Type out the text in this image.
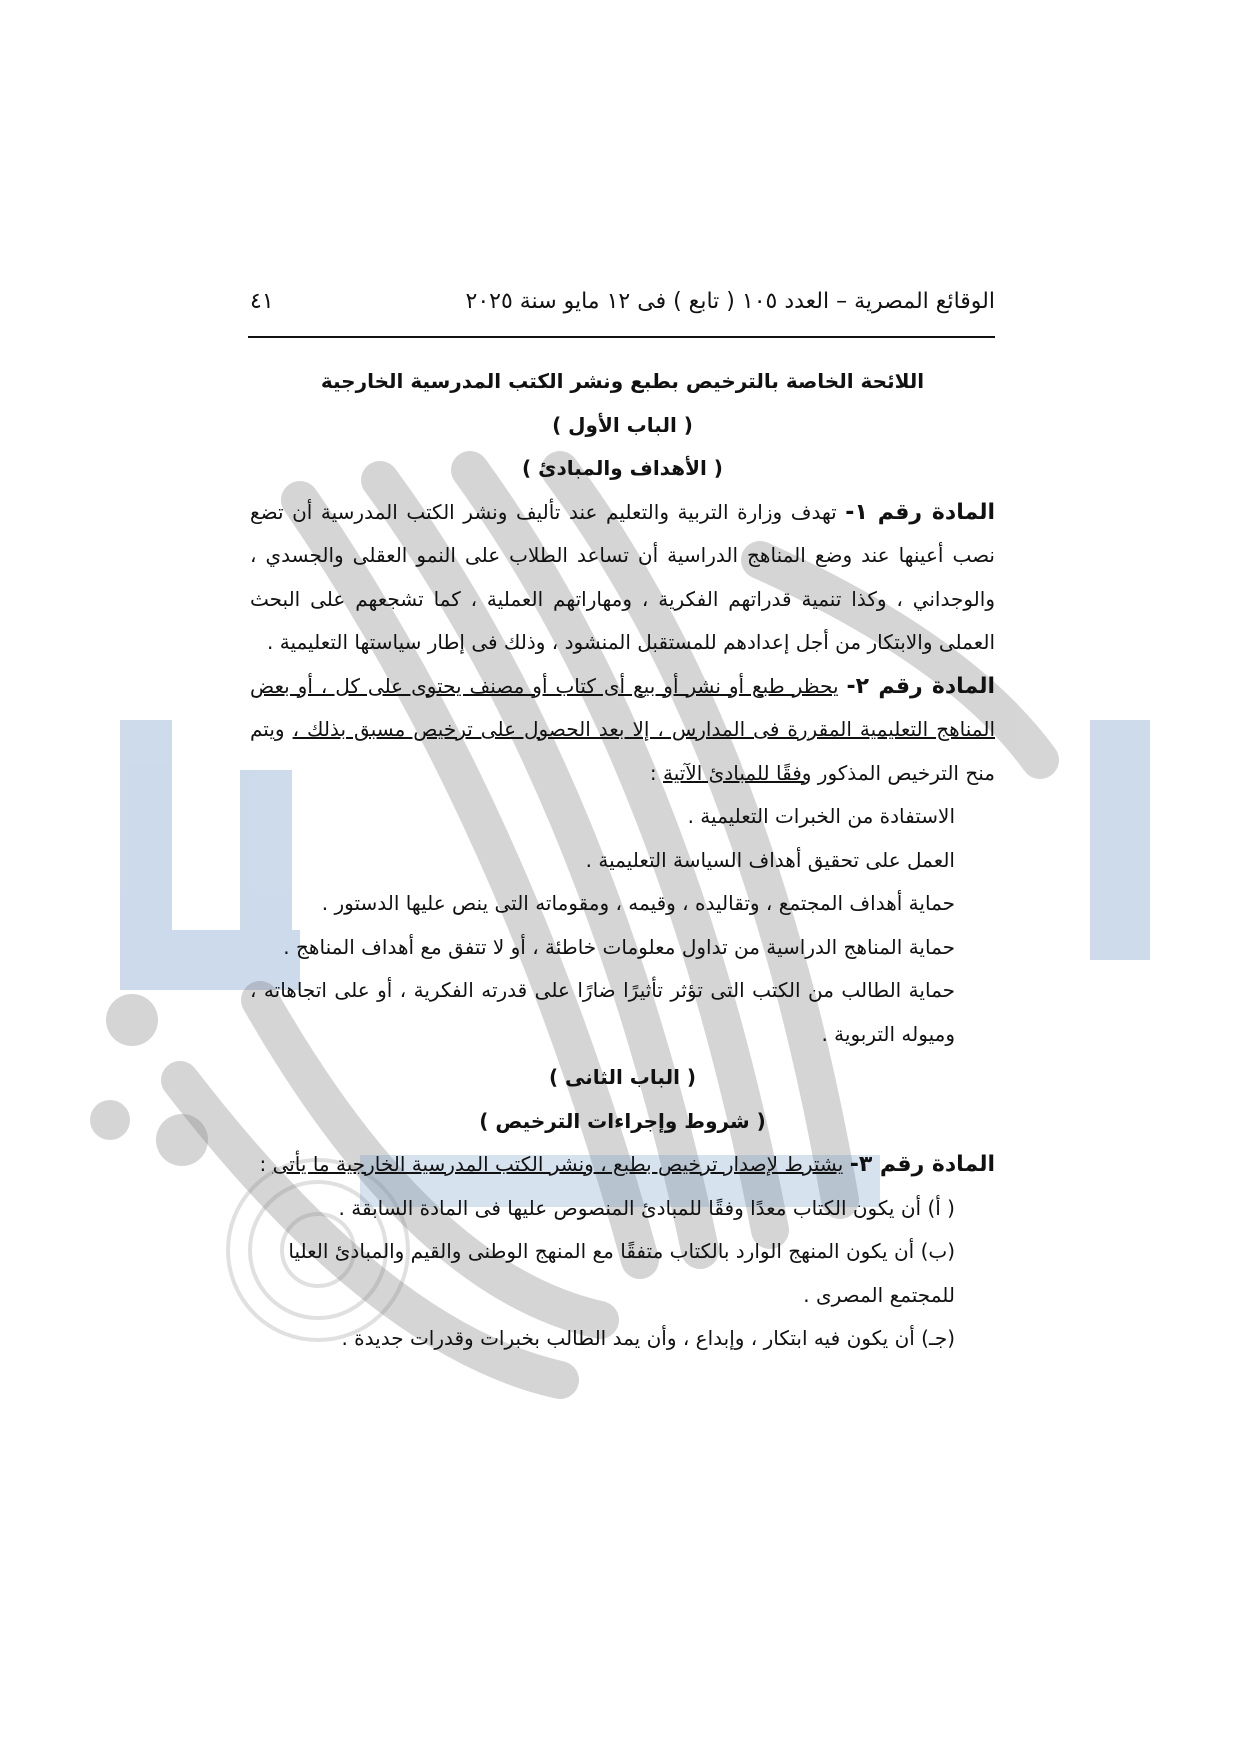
الوقائع المصرية – العدد ١٠٥ ( تابع ) فى ١٢ مايو سنة ٢٠٢٥
٤١

اللائحة الخاصة بالترخيص بطبع ونشر الكتب المدرسية الخارجية

( الباب الأول )

( الأهداف والمبادئ )

المادة رقم ١- تهدف وزارة التربية والتعليم عند تأليف ونشر الكتب المدرسية أن تضع نصب أعينها عند وضع المناهج الدراسية أن تساعد الطلاب على النمو العقلى والجسدي ، والوجداني ، وكذا تنمية قدراتهم الفكرية ، ومهاراتهم العملية ، كما تشجعهم على البحث العملى والابتكار من أجل إعدادهم للمستقبل المنشود ، وذلك فى إطار سياستها التعليمية .

المادة رقم ٢- يحظر طبع أو نشر أو بيع أى كتاب أو مصنف يحتوى على كل ، أو بعض المناهج التعليمية المقررة فى المدارس ، إلا بعد الحصول على ترخيص مسبق بذلك ، ويتم منح الترخيص المذكور وفقًا للمبادئ الآتية :

الاستفادة من الخبرات التعليمية .

العمل على تحقيق أهداف السياسة التعليمية .

حماية أهداف المجتمع ، وتقاليده ، وقيمه ، ومقوماته التى ينص عليها الدستور .

حماية المناهج الدراسية من تداول معلومات خاطئة ، أو لا تتفق مع أهداف المناهج .

حماية الطالب من الكتب التى تؤثر تأثيرًا ضارًا على قدرته الفكرية ، أو على اتجاهاته ، وميوله التربوية .

( الباب الثانى )

( شروط وإجراءات الترخيص )

المادة رقم ٣- يشترط لإصدار ترخيص بطبع ، ونشر الكتب المدرسية الخارجية ما يأتى :

( أ) أن يكون الكتاب معدًا وفقًا للمبادئ المنصوص عليها فى المادة السابقة .

(ب) أن يكون المنهج الوارد بالكتاب متفقًا مع المنهج الوطنى والقيم والمبادئ العليا للمجتمع المصرى .

(جـ) أن يكون فيه ابتكار ، وإبداع ، وأن يمد الطالب بخبرات وقدرات جديدة .
